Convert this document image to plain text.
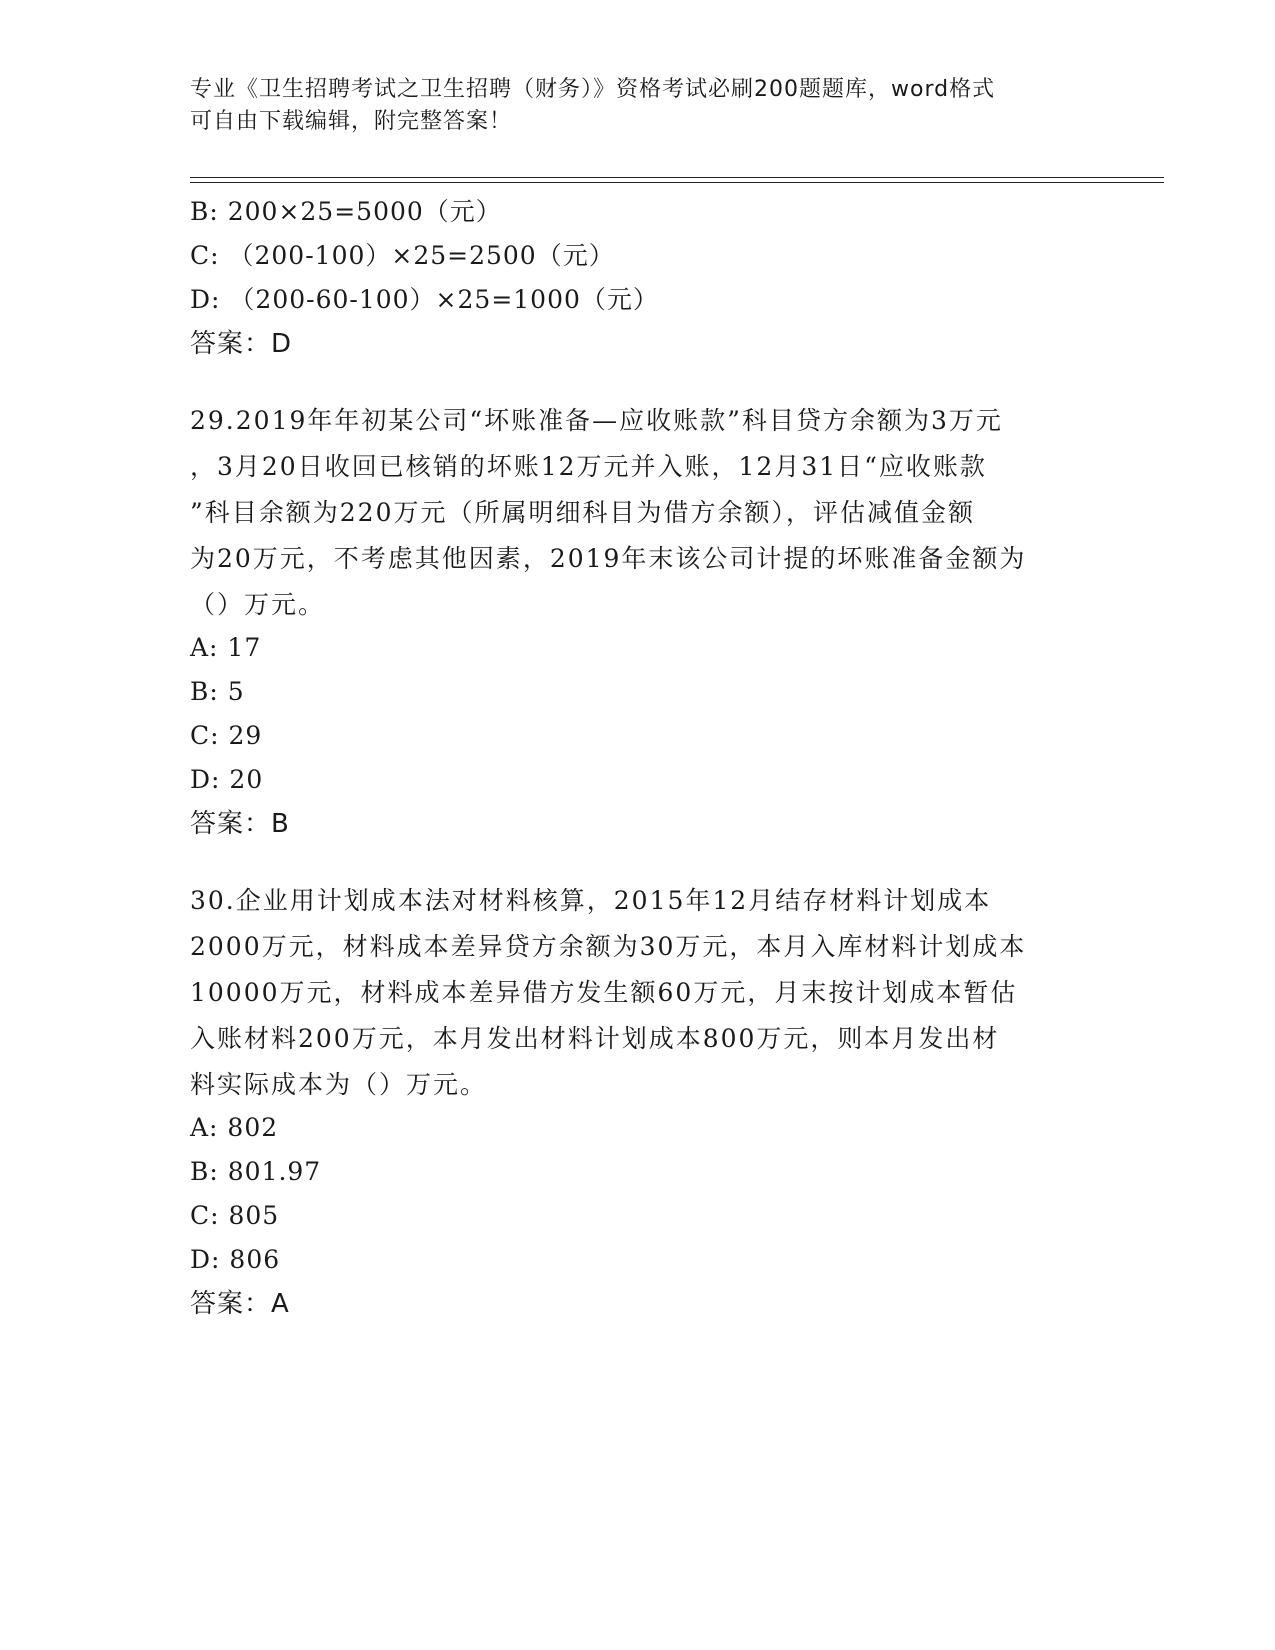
专业《卫生招聘考试之卫生招聘（财务）》资格考试必刷200题题库，word格式
可自由下载编辑，附完整答案！
B: 200×25=5000（元）
C: （200-100）×25=2500（元）
D: （200-60-100）×25=1000（元）
答案：D
29.2019年年初某公司“坏账准备—应收账款”科目贷方余额为3万元
，3月20日收回已核销的坏账12万元并入账，12月31日“应收账款
”科目余额为220万元（所属明细科目为借方余额），评估减值金额
为20万元，不考虑其他因素，2019年末该公司计提的坏账准备金额为
（）万元。
A: 17
B: 5
C: 29
D: 20
答案：B
30.企业用计划成本法对材料核算，2015年12月结存材料计划成本
2000万元，材料成本差异贷方余额为30万元，本月入库材料计划成本
10000万元，材料成本差异借方发生额60万元，月末按计划成本暂估
入账材料200万元，本月发出材料计划成本800万元，则本月发出材
料实际成本为（）万元。
A: 802
B: 801.97
C: 805
D: 806
答案：A
